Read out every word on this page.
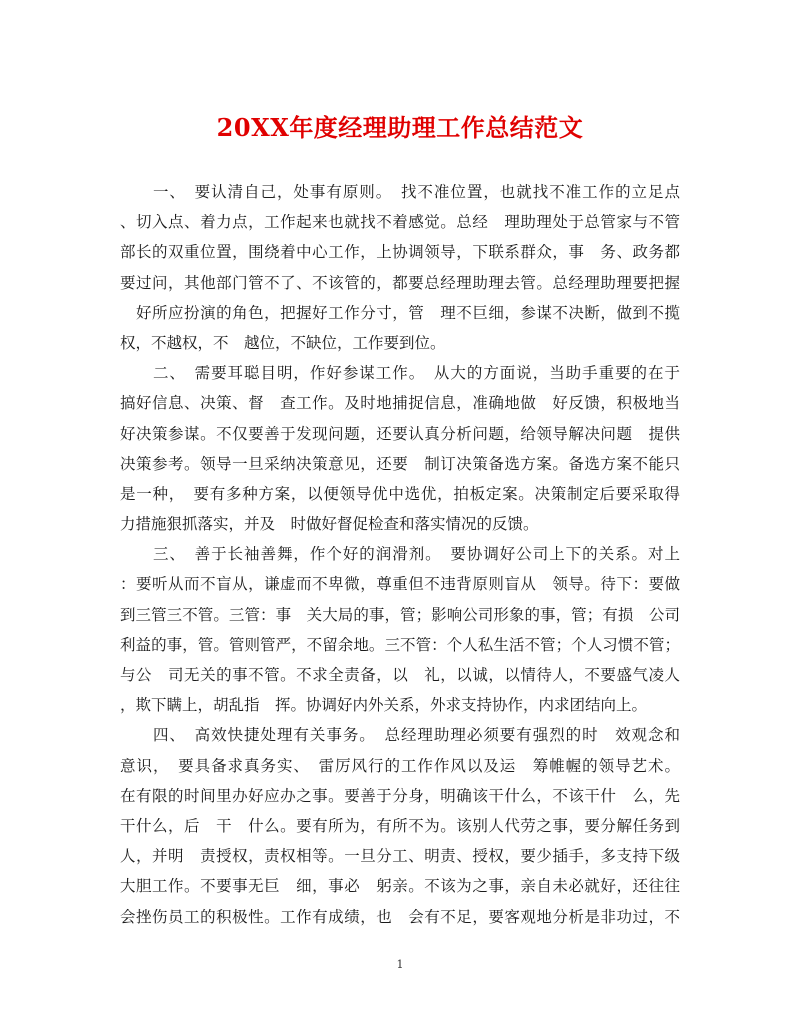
20XX年度经理助理工作总结范文
　　一、　要认清自己，处事有原则。　找不准位置，也就找不准工作的立足点
、切入点、着力点，工作起来也就找不着感觉。总经　理助理处于总管家与不管
部长的双重位置，围绕着中心工作，上协调领导，下联系群众，事　务、政务都
要过问，其他部门管不了、不该管的，都要总经理助理去管。总经理助理要把握
　好所应扮演的角色，把握好工作分寸，管　理不巨细，参谋不决断，做到不揽
权，不越权，不　越位，不缺位，工作要到位。
　　二、　需要耳聪目明，作好参谋工作。　从大的方面说，当助手重要的在于
搞好信息、决策、督　查工作。及时地捕捉信息，准确地做　好反馈，积极地当
好决策参谋。不仅要善于发现问题，还要认真分析问题，给领导解决问题　提供
决策参考。领导一旦采纳决策意见，还要　制订决策备选方案。备选方案不能只
是一种，　要有多种方案，以便领导优中选优，拍板定案。决策制定后要采取得
力措施狠抓落实，并及　时做好督促检查和落实情况的反馈。
　　三、　善于长袖善舞，作个好的润滑剂。　要协调好公司上下的关系。对上
：要听从而不盲从，谦虚而不卑微，尊重但不违背原则盲从　领导。待下：要做
到三管三不管。三管：事　关大局的事，管；影响公司形象的事，管；有损　公司
利益的事，管。管则管严，不留余地。三不管：个人私生活不管；个人习惯不管；
与公　司无关的事不管。不求全责备，以　礼，以诚，以情待人，不要盛气凌人
，欺下瞒上，胡乱指　挥。协调好内外关系，外求支持协作，内求团结向上。
　　四、　高效快捷处理有关事务。　总经理助理必须要有强烈的时　效观念和
意识，　要具备求真务实、　雷厉风行的工作作风以及运　筹帷幄的领导艺术。
在有限的时间里办好应办之事。要善于分身，明确该干什么，不该干什　么，先
干什么，后　干　什么。要有所为，有所不为。该别人代劳之事，要分解任务到
人，并明　责授权，责权相等。一旦分工、明责、授权，要少插手，多支持下级
大胆工作。不要事无巨　细，事必　躬亲。不该为之事，亲自未必就好，还往往
会挫伤员工的积极性。工作有成绩，也　会有不足，要客观地分析是非功过，不
1
